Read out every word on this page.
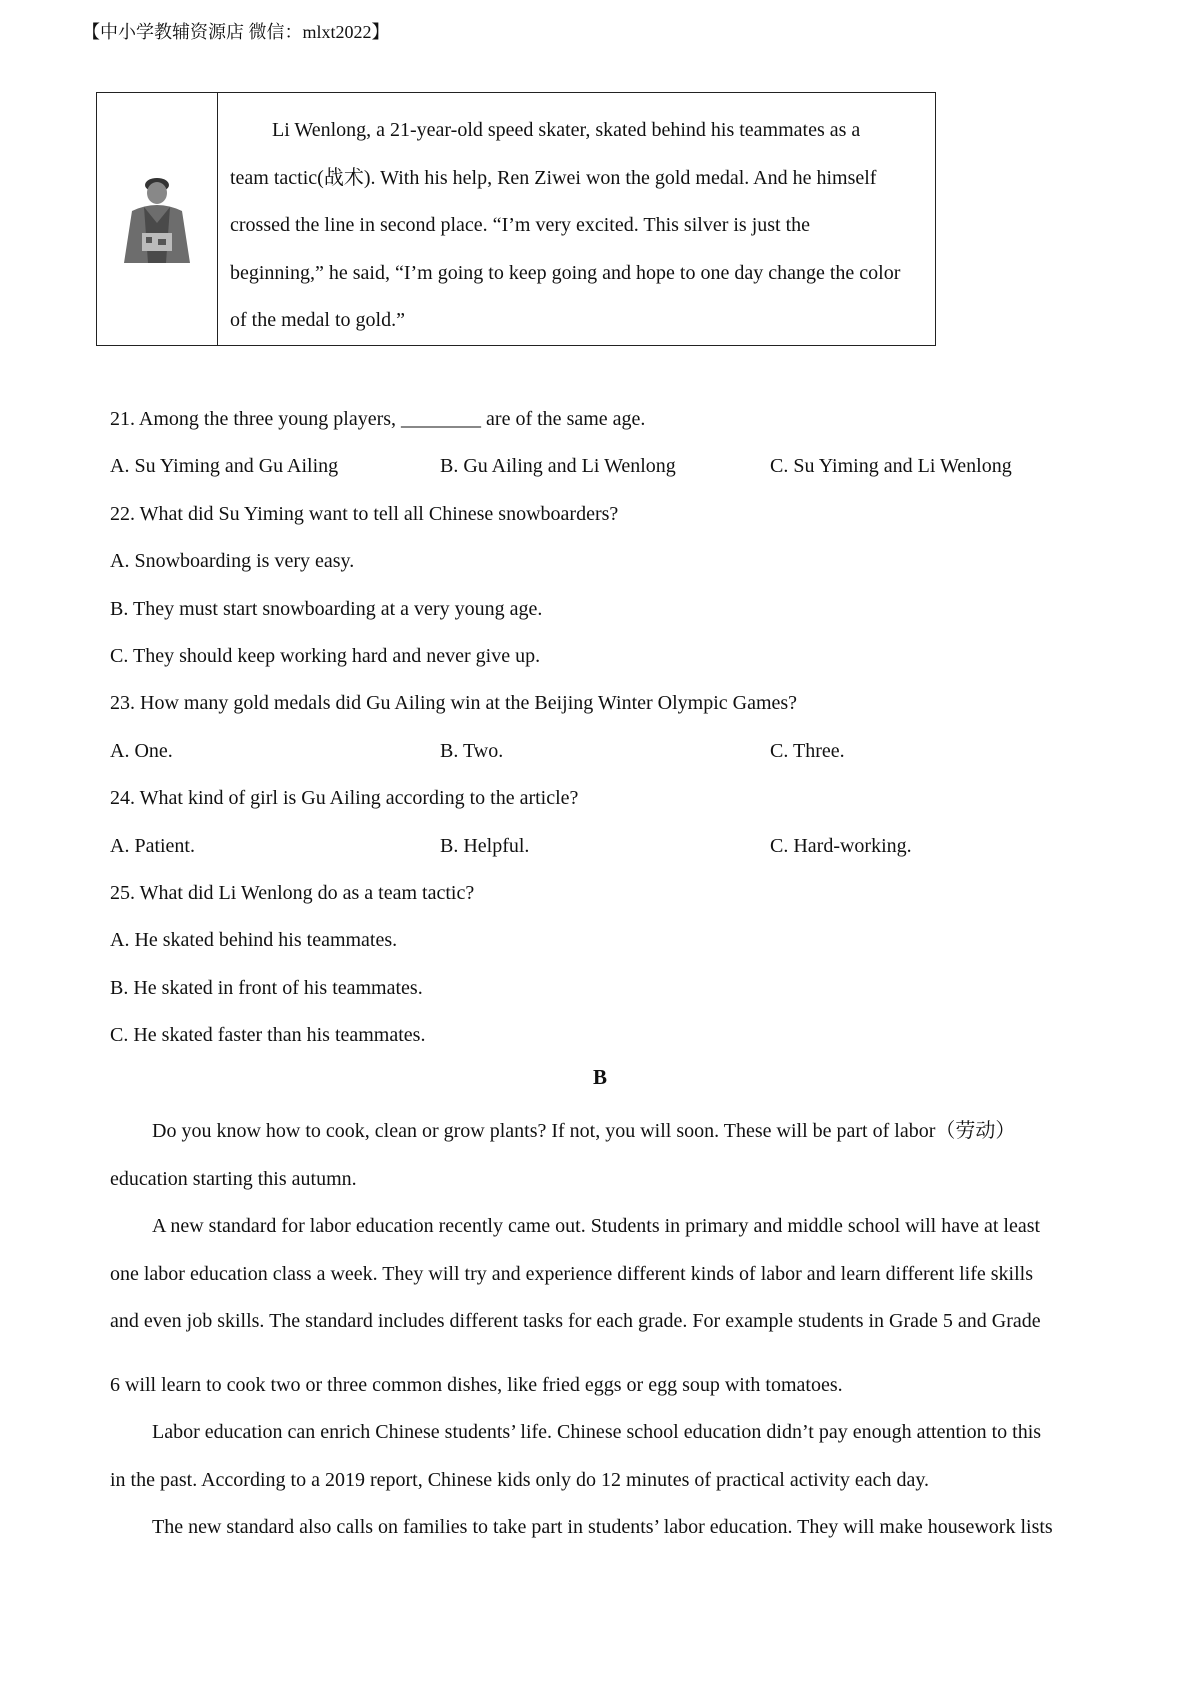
【中小学教辅资源店 微信：mlxt2022】
Li Wenlong, a 21-year-old speed skater, skated behind his teammates as a
team tactic(战术). With his help, Ren Ziwei won the gold medal. And he himself
crossed the line in second place. “I’m very excited. This silver is just the
beginning,” he said, “I’m going to keep going and hope to one day change the color
of the medal to gold.”
21. Among the three young players, ________ are of the same age.
A. Su Yiming and Gu Ailing	B. Gu Ailing and Li Wenlong	C. Su Yiming and Li Wenlong
22. What did Su Yiming want to tell all Chinese snowboarders?
A. Snowboarding is very easy.
B. They must start snowboarding at a very young age.
C. They should keep working hard and never give up.
23. How many gold medals did Gu Ailing win at the Beijing Winter Olympic Games?
A. One.	B. Two.	C. Three.
24. What kind of girl is Gu Ailing according to the article?
A. Patient.	B. Helpful.	C. Hard-working.
25. What did Li Wenlong do as a team tactic?
A. He skated behind his teammates.
B. He skated in front of his teammates.
C. He skated faster than his teammates.
B
Do you know how to cook, clean or grow plants? If not, you will soon. These will be part of labor（劳动）
education starting this autumn.
A new standard for labor education recently came out. Students in primary and middle school will have at least
one labor education class a week. They will try and experience different kinds of labor and learn different life skills
and even job skills. The standard includes different tasks for each grade. For example students in Grade 5 and Grade
6 will learn to cook two or three common dishes, like fried eggs or egg soup with tomatoes.
Labor education can enrich Chinese students’ life. Chinese school education didn’t pay enough attention to this
in the past. According to a 2019 report, Chinese kids only do 12 minutes of practical activity each day.
The new standard also calls on families to take part in students’ labor education. They will make housework lists
